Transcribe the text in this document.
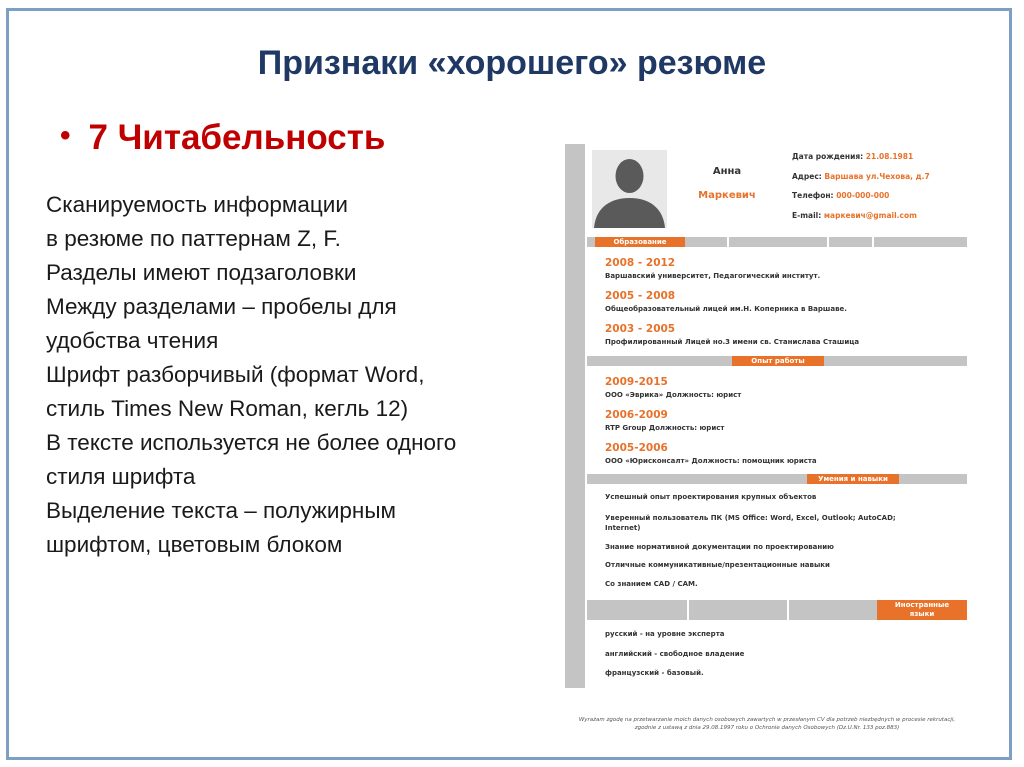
Признаки «хорошего» резюме
• 7 Читабельность
Сканируемость информации
в резюме по паттернам Z, F.
Разделы имеют подзаголовки
Между разделами – пробелы для
удобства чтения
Шрифт разборчивый (формат Word,
стиль Times New Roman, кегль 12)
В тексте используется не более одного
стиля шрифта
Выделение текста – полужирным
шрифтом, цветовым блоком
Анна
Маркевич
Дата рождения: 21.08.1981
Адрес: Варшава ул.Чехова, д.7
Телефон: 000-000-000
E-mail: маркевич@gmail.com
Образование
2008 - 2012
Варшавский университет, Педагогический институт.
2005 - 2008
Общеобразовательный лицей им.Н. Коперника в Варшаве.
2003 - 2005
Профилированный Лицей но.3 имени св. Станислава Сташица
Опыт работы
2009-2015
ООО «Эврика» Должность: юрист
2006-2009
RTP Group Должность: юрист
2005-2006
ООО «Юрисконсалт» Должность: помощник юриста
Умения и навыки
Успешный опыт проектирования крупных объектов
Уверенный пользователь ПК (MS Office: Word, Excel, Outlook; AutoCAD;
Internet)
Знание нормативной документации по проектированию
Отличные коммуникативные/презентационные навыки
Со знанием CAD / CAM.
Иностранные
языки
русский - на уровне эксперта
английский - свободное владение
французский - базовый.
Wyrażam zgodę na przetwarzanie moich danych osobowych zawartych w przesłanym CV dla potrzeb niezbędnych w procesie rekrutacji,
zgodnie z ustawą z dnia 29.08.1997 roku o Ochronie danych Osobowych (Dz.U.Nr. 133 poz.883)
